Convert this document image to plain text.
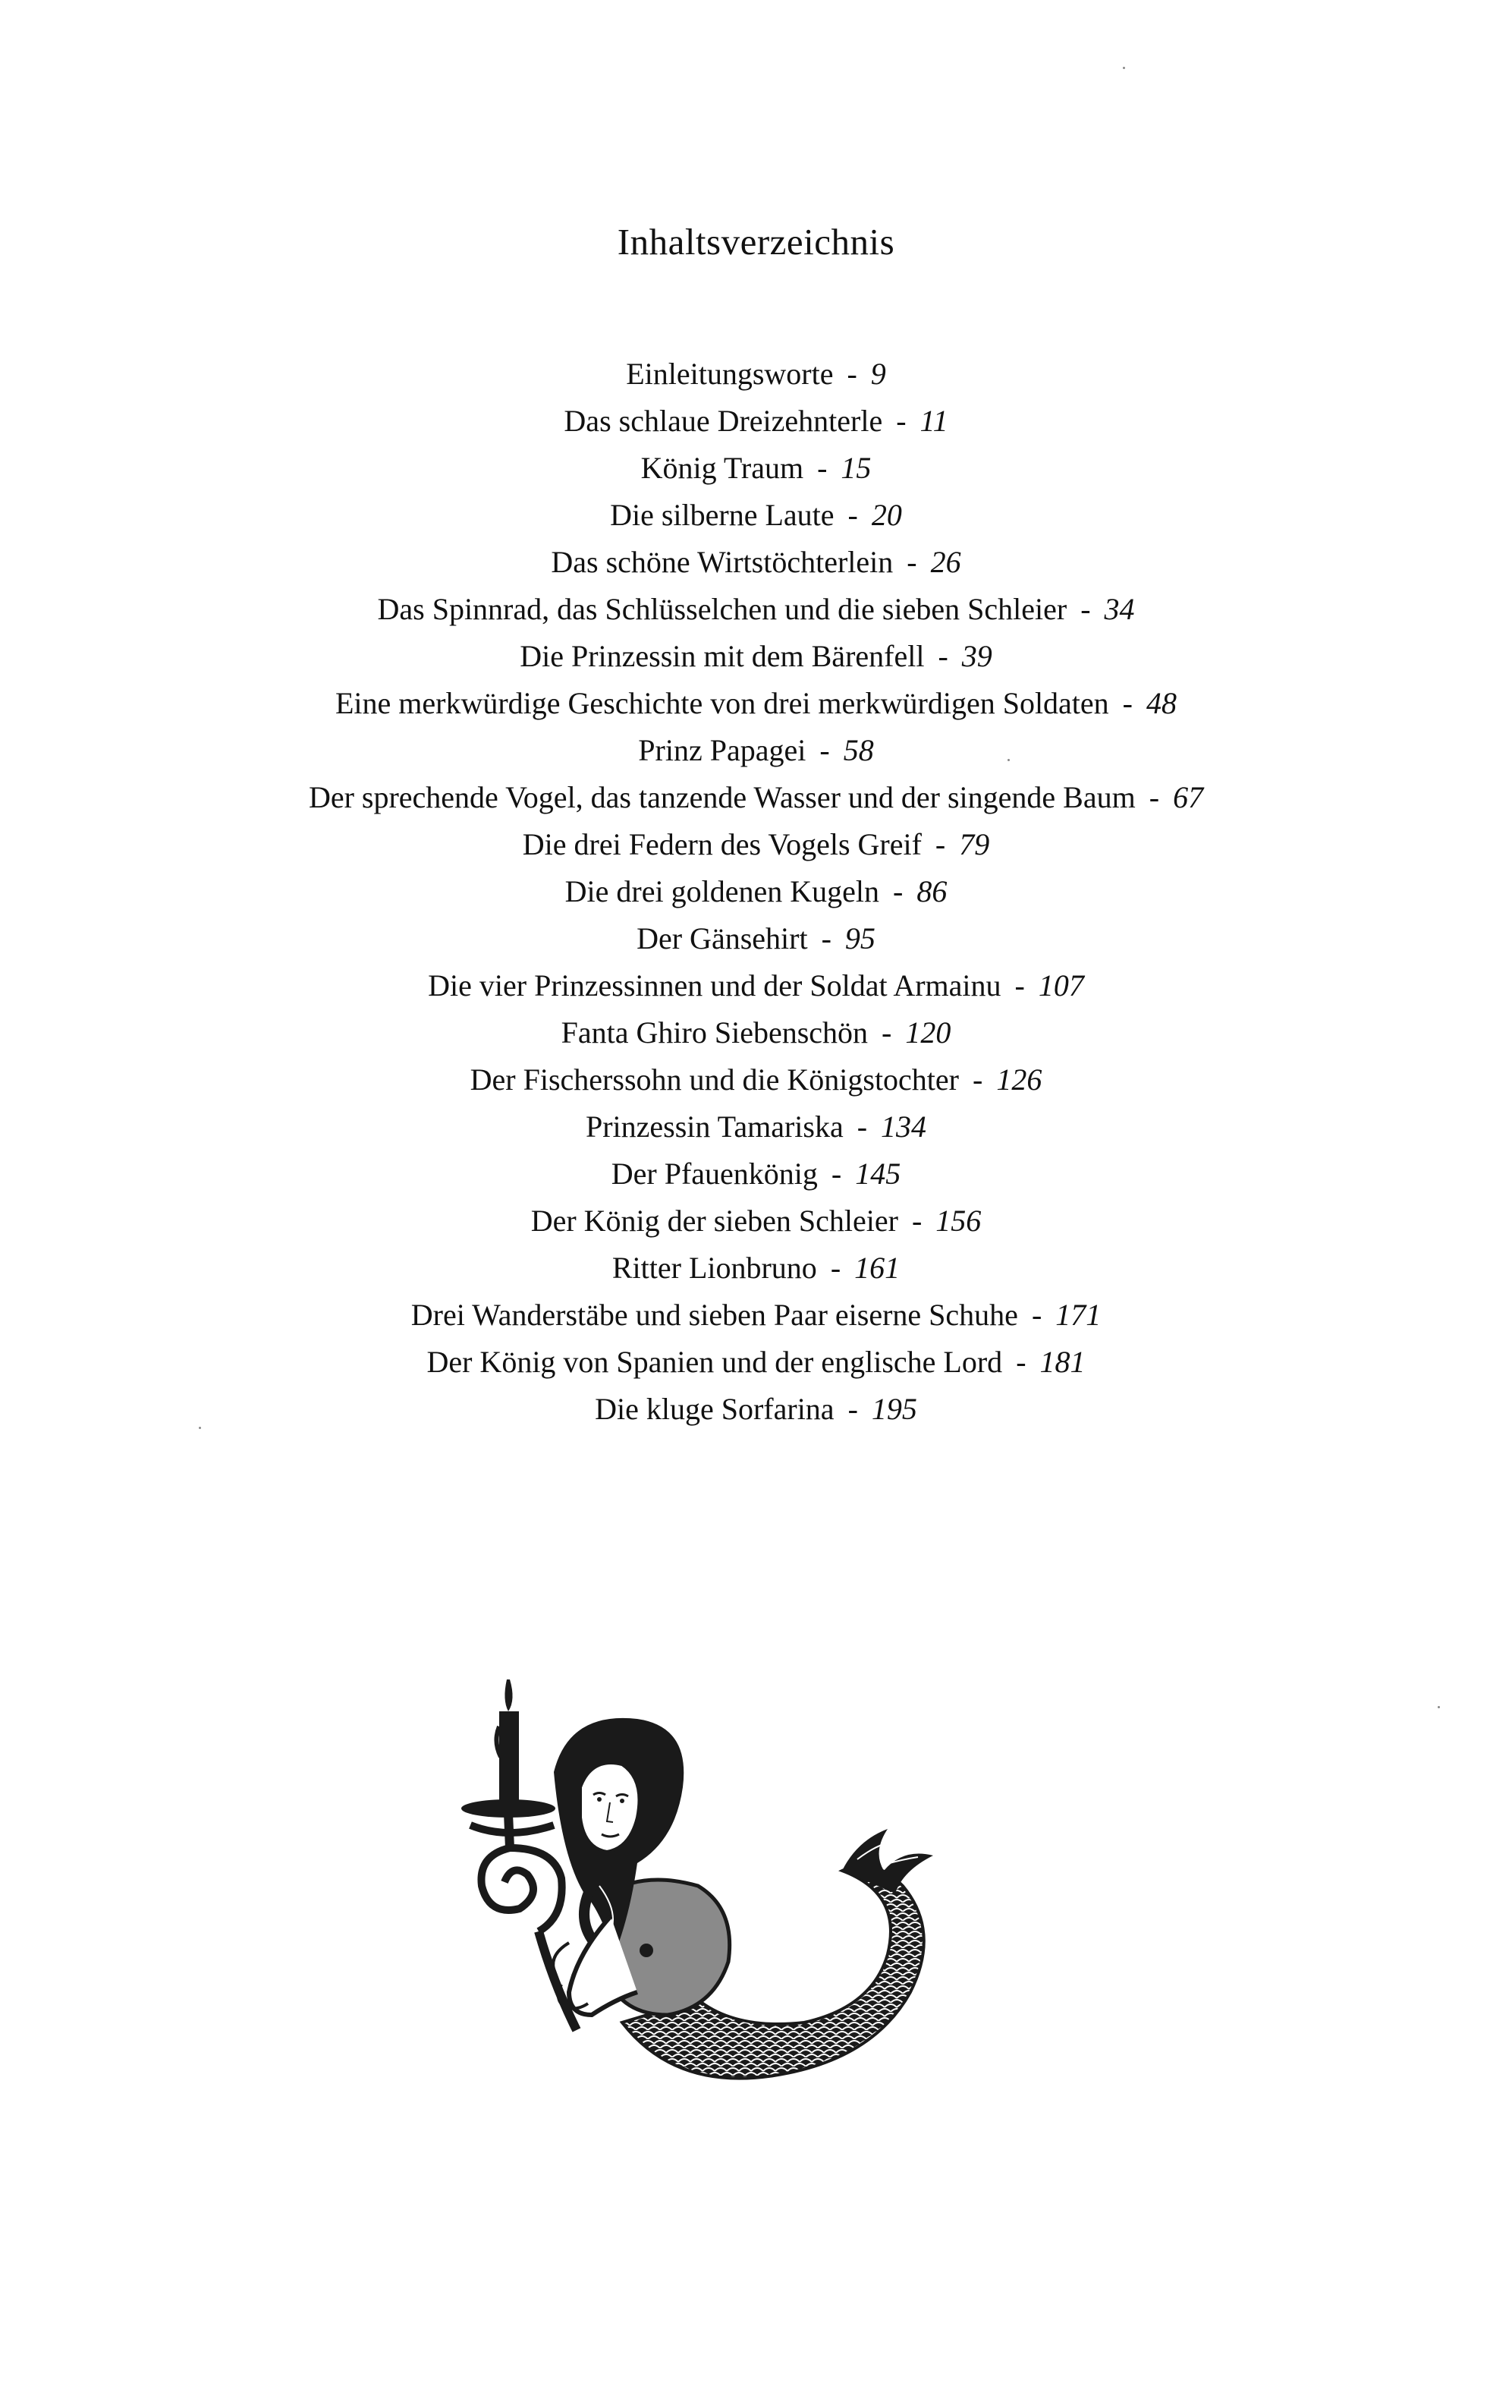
Inhaltsverzeichnis
Einleitungsworte - 9
Das schlaue Dreizehnterle - 11
König Traum - 15
Die silberne Laute - 20
Das schöne Wirtstöchterlein - 26
Das Spinnrad, das Schlüsselchen und die sieben Schleier - 34
Die Prinzessin mit dem Bärenfell - 39
Eine merkwürdige Geschichte von drei merkwürdigen Soldaten - 48
Prinz Papagei - 58
Der sprechende Vogel, das tanzende Wasser und der singende Baum - 67
Die drei Federn des Vogels Greif - 79
Die drei goldenen Kugeln - 86
Der Gänsehirt - 95
Die vier Prinzessinnen und der Soldat Armainu - 107
Fanta Ghiro Siebenschön - 120
Der Fischerssohn und die Königstochter - 126
Prinzessin Tamariska - 134
Der Pfauenkönig - 145
Der König der sieben Schleier - 156
Ritter Lionbruno - 161
Drei Wanderstäbe und sieben Paar eiserne Schuhe - 171
Der König von Spanien und der englische Lord - 181
Die kluge Sorfarina - 195
